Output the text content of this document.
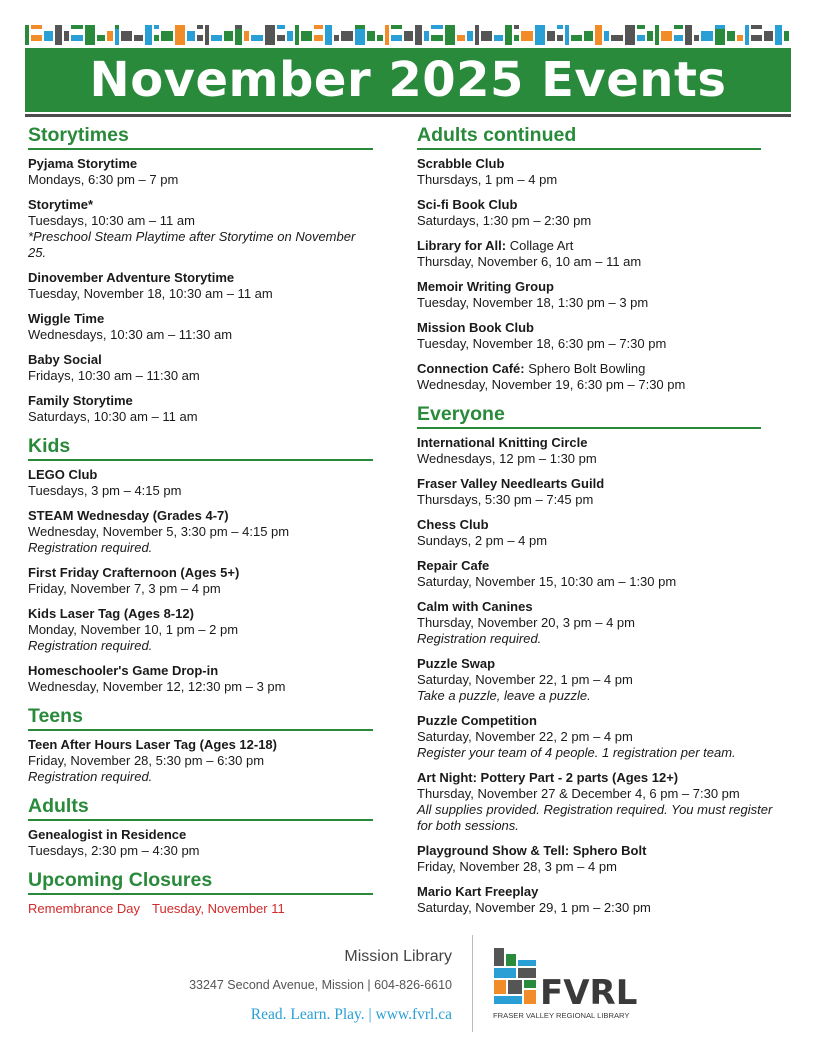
November 2025 Events
Storytimes
Pyjama Storytime
Mondays, 6:30 pm – 7 pm
Storytime*
Tuesdays, 10:30 am – 11 am
*Preschool Steam Playtime after Storytime on November 25.
Dinovember Adventure Storytime
Tuesday, November 18, 10:30 am – 11 am
Wiggle Time
Wednesdays, 10:30 am – 11:30 am
Baby Social
Fridays, 10:30 am – 11:30 am
Family Storytime
Saturdays, 10:30 am – 11 am
Kids
LEGO Club
Tuesdays, 3 pm – 4:15 pm
STEAM Wednesday (Grades 4-7)
Wednesday, November 5, 3:30 pm – 4:15 pm
Registration required.
First Friday Crafternoon (Ages 5+)
Friday, November 7, 3 pm – 4 pm
Kids Laser Tag (Ages 8-12)
Monday, November 10, 1 pm – 2 pm
Registration required.
Homeschooler's Game Drop-in
Wednesday, November 12, 12:30 pm – 3 pm
Teens
Teen After Hours Laser Tag (Ages 12-18)
Friday, November 28, 5:30 pm – 6:30 pm
Registration required.
Adults
Genealogist in Residence
Tuesdays, 2:30 pm – 4:30 pm
Upcoming Closures
Remembrance Day Tuesday, November 11
Adults continued
Scrabble Club
Thursdays, 1 pm – 4 pm
Sci-fi Book Club
Saturdays, 1:30 pm – 2:30 pm
Library for All: Collage Art
Thursday, November 6, 10 am – 11 am
Memoir Writing Group
Tuesday, November 18, 1:30 pm – 3 pm
Mission Book Club
Tuesday, November 18, 6:30 pm – 7:30 pm
Connection Café: Sphero Bolt Bowling
Wednesday, November 19, 6:30 pm – 7:30 pm
Everyone
International Knitting Circle
Wednesdays, 12 pm – 1:30 pm
Fraser Valley Needlearts Guild
Thursdays, 5:30 pm – 7:45 pm
Chess Club
Sundays, 2 pm – 4 pm
Repair Cafe
Saturday, November 15, 10:30 am – 1:30 pm
Calm with Canines
Thursday, November 20, 3 pm – 4 pm
Registration required.
Puzzle Swap
Saturday, November 22, 1 pm – 4 pm
Take a puzzle, leave a puzzle.
Puzzle Competition
Saturday, November 22, 2 pm – 4 pm
Register your team of 4 people. 1 registration per team.
Art Night: Pottery Part - 2 parts (Ages 12+)
Thursday, November 27 & December 4, 6 pm – 7:30 pm
All supplies provided. Registration required. You must register for both sessions.
Playground Show & Tell: Sphero Bolt
Friday, November 28, 3 pm – 4 pm
Mario Kart Freeplay
Saturday, November 29, 1 pm – 2:30 pm
Mission Library
33247 Second Avenue, Mission | 604-826-6610
Read. Learn. Play. | www.fvrl.ca
FVRL
FRASER VALLEY REGIONAL LIBRARY
